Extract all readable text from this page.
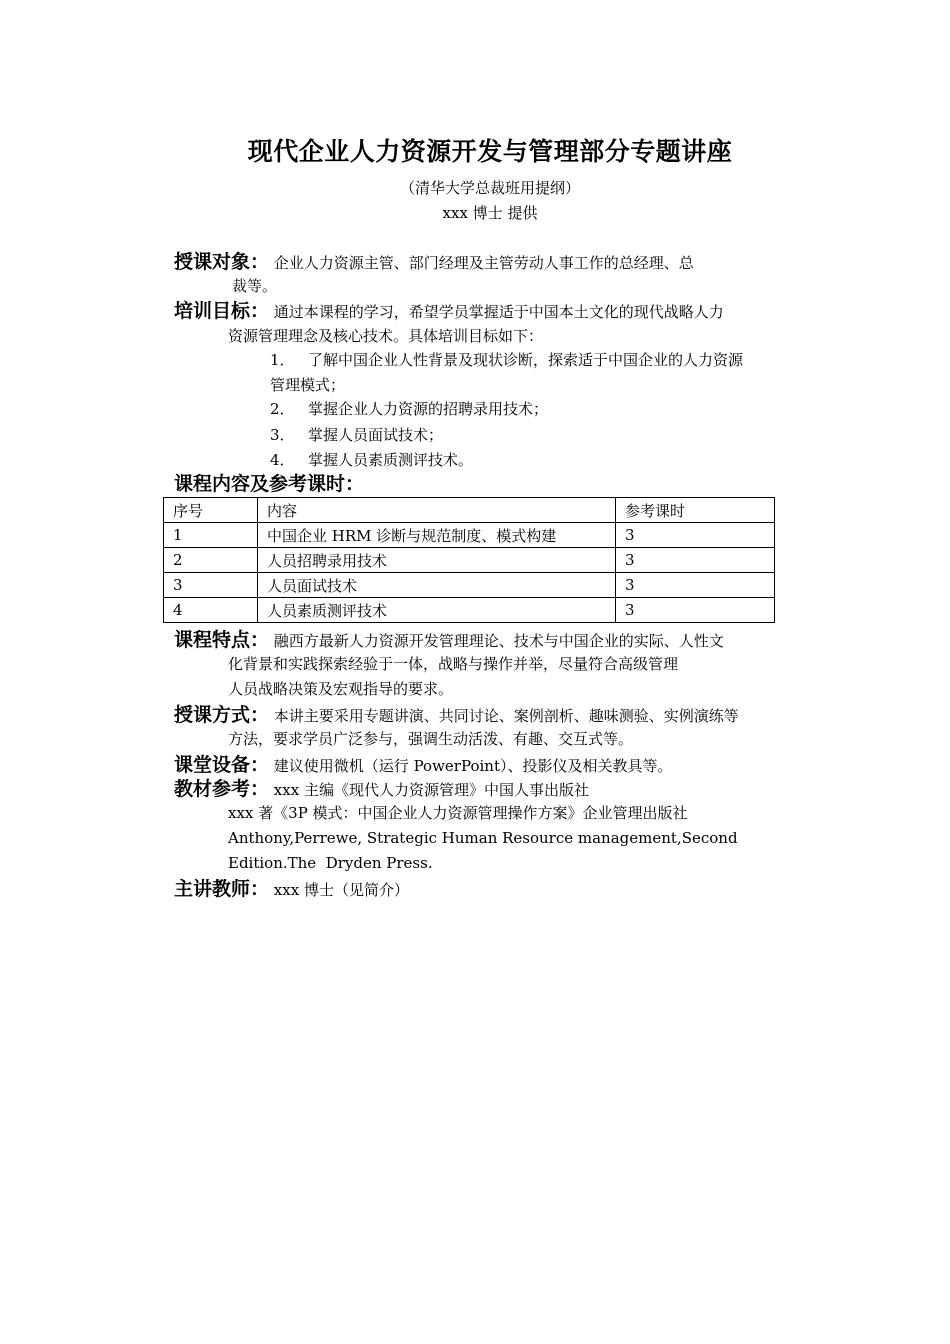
现代企业人力资源开发与管理部分专题讲座
（清华大学总裁班用提纲）
xxx 博士 提供
授课对象： 企业人力资源主管、部门经理及主管劳动人事工作的总经理、总
裁等。
培训目标： 通过本课程的学习，希望学员掌握适于中国本土文化的现代战略人力
资源管理理念及核心技术。具体培训目标如下：
1． 了解中国企业人性背景及现状诊断，探索适于中国企业的人力资源
管理模式；
2． 掌握企业人力资源的招聘录用技术；
3． 掌握人员面试技术；
4． 掌握人员素质测评技术。
课程内容及参考课时：
序号	内容	参考课时
1	中国企业 HRM 诊断与规范制度、模式构建	3
2	人员招聘录用技术	3
3	人员面试技术	3
4	人员素质测评技术	3
课程特点： 融西方最新人力资源开发管理理论、技术与中国企业的实际、人性文
化背景和实践探索经验于一体，战略与操作并举，尽量符合高级管理
人员战略决策及宏观指导的要求。
授课方式： 本讲主要采用专题讲演、共同讨论、案例剖析、趣味测验、实例演练等
方法，要求学员广泛参与，强调生动活泼、有趣、交互式等。
课堂设备： 建议使用微机（运行 PowerPoint）、投影仪及相关教具等。
教材参考： xxx 主编《现代人力资源管理》中国人事出版社
xxx 著《3P 模式：中国企业人力资源管理操作方案》企业管理出版社
Anthony,Perrewe, Strategic Human Resource management,Second
Edition.The  Dryden Press.
主讲教师： xxx 博士（见简介）
